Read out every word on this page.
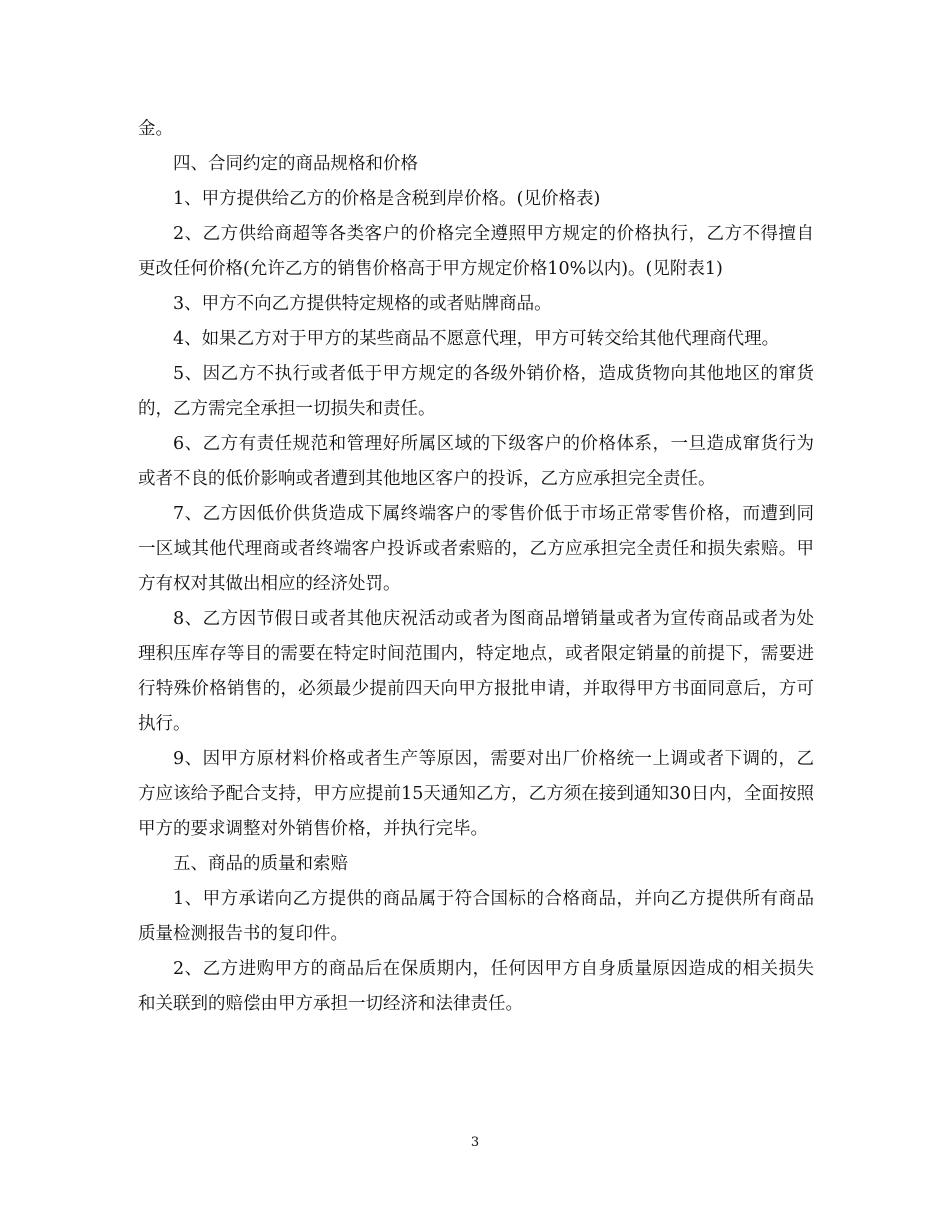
金。

四、合同约定的商品规格和价格

1、甲方提供给乙方的价格是含税到岸价格。(见价格表)

2、乙方供给商超等各类客户的价格完全遵照甲方规定的价格执行，乙方不得擅自更改任何价格(允许乙方的销售价格高于甲方规定价格10%以内)。(见附表1)

3、甲方不向乙方提供特定规格的或者贴牌商品。

4、如果乙方对于甲方的某些商品不愿意代理，甲方可转交给其他代理商代理。

5、因乙方不执行或者低于甲方规定的各级外销价格，造成货物向其他地区的窜货的，乙方需完全承担一切损失和责任。

6、乙方有责任规范和管理好所属区域的下级客户的价格体系，一旦造成窜货行为或者不良的低价影响或者遭到其他地区客户的投诉，乙方应承担完全责任。

7、乙方因低价供货造成下属终端客户的零售价低于市场正常零售价格，而遭到同一区域其他代理商或者终端客户投诉或者索赔的，乙方应承担完全责任和损失索赔。甲方有权对其做出相应的经济处罚。

8、乙方因节假日或者其他庆祝活动或者为图商品增销量或者为宣传商品或者为处理积压库存等目的需要在特定时间范围内，特定地点，或者限定销量的前提下，需要进行特殊价格销售的，必须最少提前四天向甲方报批申请，并取得甲方书面同意后，方可执行。

9、因甲方原材料价格或者生产等原因，需要对出厂价格统一上调或者下调的，乙方应该给予配合支持，甲方应提前15天通知乙方，乙方须在接到通知30日内，全面按照甲方的要求调整对外销售价格，并执行完毕。

五、商品的质量和索赔

1、甲方承诺向乙方提供的商品属于符合国标的合格商品，并向乙方提供所有商品质量检测报告书的复印件。

2、乙方进购甲方的商品后在保质期内，任何因甲方自身质量原因造成的相关损失和关联到的赔偿由甲方承担一切经济和法律责任。

3
